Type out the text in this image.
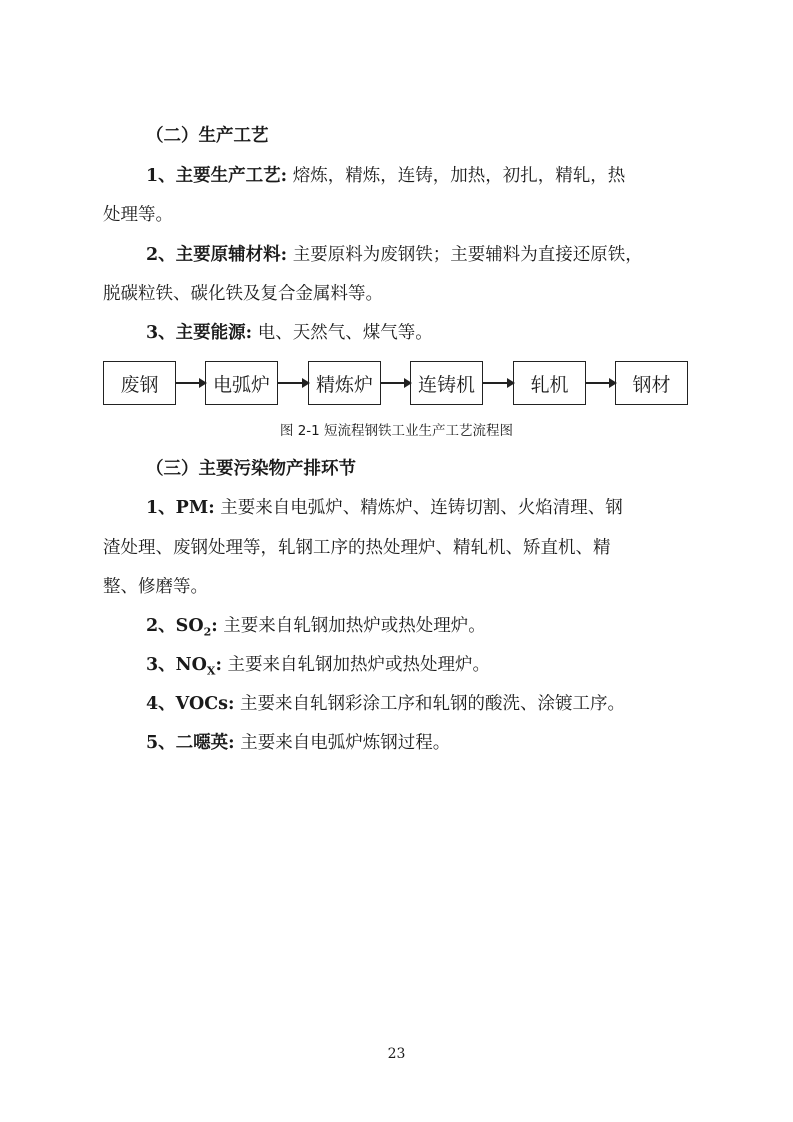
（二）生产工艺
1、主要生产工艺: 熔炼，精炼，连铸，加热，初扎，精轧，热
处理等。
2、主要原辅材料: 主要原料为废钢铁；主要辅料为直接还原铁，
脱碳粒铁、碳化铁及复合金属料等。
3、主要能源: 电、天然气、煤气等。
废钢	电弧炉	精炼炉	连铸机	轧机	钢材
图 2-1 短流程钢铁工业生产工艺流程图
（三）主要污染物产排环节
1、PM: 主要来自电弧炉、精炼炉、连铸切割、火焰清理、钢
渣处理、废钢处理等，轧钢工序的热处理炉、精轧机、矫直机、精
整、修磨等。
2、$SO_2$: 主要来自轧钢加热炉或热处理炉。
3、$NO_X$: 主要来自轧钢加热炉或热处理炉。
4、VOCs: 主要来自轧钢彩涂工序和轧钢的酸洗、涂镀工序。
5、二噁英: 主要来自电弧炉炼钢过程。
23
